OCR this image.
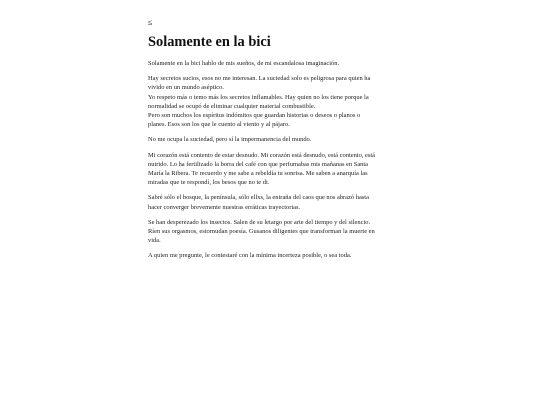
≤
Solamente en la bici

Solamente en la bici hablo de mis sueños, de mi escandalosa imaginación.

Hay secretos sucios, esos no me interesan. La suciedad solo es peligrosa para quien ha
vivido en un mundo aséptico.
Yo respeto más o temo más los secretos inflamables. Hay quien no los tiene porque la
normalidad se ocupó de eliminar cualquier material combustible.
Pero son muchos los espíritus indómitos que guardan historias o deseos o planos o
planes. Esos son los que le cuento al viento y al pájaro.

No me ocupa la suciedad, pero sí la impermanencia del mundo.

Mi corazón está contento de estar desnudo. Mi corazón está desnudo, está contento, está
nutrido. Lo ha fertilizado la borra del café con que perfumabas mis mañanas en Santa
María la Ribera. Te recuerdo y me sabe a rebeldía tu sonrisa. Me saben a anarquía las
miradas que te respondí, los besos que no te di.

Sabré sólo el bosque, la península, sólo ellxs, la entraña del caos que nos abrazó hasta
hacer converger brevemente nuestras erráticas trayectorias.

Se han desperezado los insectos. Salen de su letargo por arte del tiempo y del silencio.
Ríen sus orgasmos, estornudan poesía. Gusanos diligentes que transforman la muerte en
vida.

A quien me pregunte, le contestaré con la mínima incerteza posible, o sea toda.
